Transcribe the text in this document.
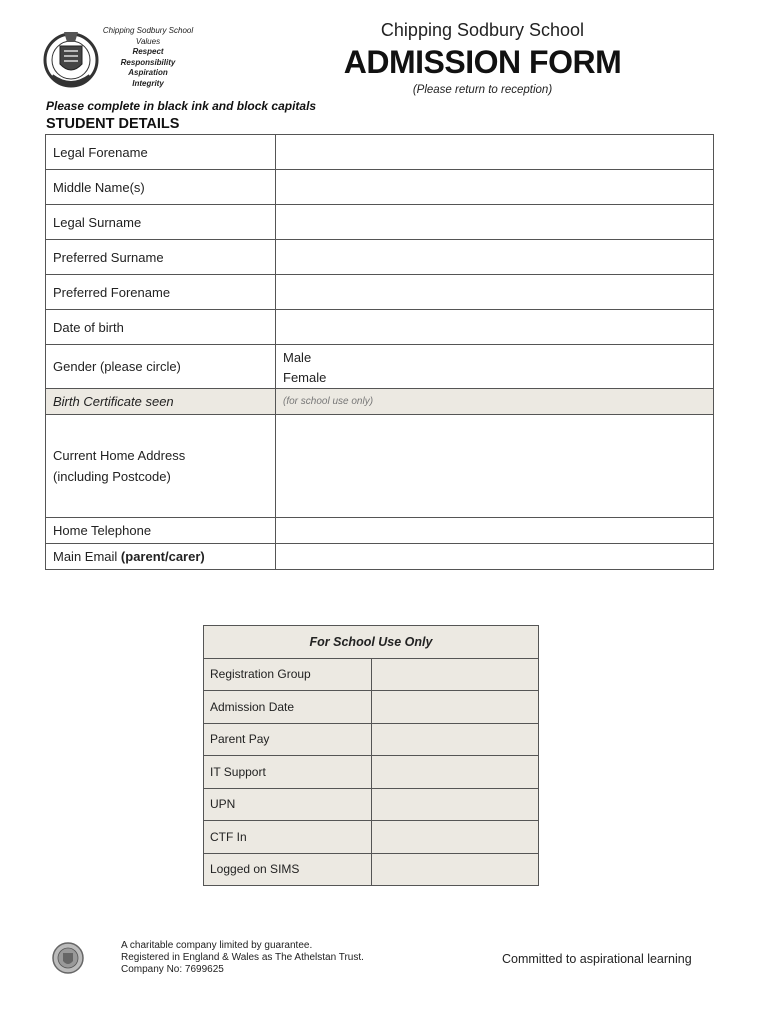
Chipping Sodbury School
Values
Respect
Responsibility
Aspiration
Integrity
Chipping Sodbury School
ADMISSION FORM
(Please return to reception)
Please complete in black ink and block capitals
STUDENT DETAILS
Legal Forename	
Middle Name(s)	
Legal Surname	
Preferred Surname	
Preferred Forename	
Date of birth	
Gender (please circle)	Male
Female

Birth Certificate seen	(for school use only)

Current Home Address
(including Postcode)	

Home Telephone	
Main Email (parent/carer)	
For School Use Only	
Registration Group	
Admission Date	
Parent Pay	
IT Support	
UPN	
CTF In	
Logged on SIMS	
A charitable company limited by guarantee.
Registered in England & Wales as The Athelstan Trust.
Company No: 7699625
Committed to aspirational learning
